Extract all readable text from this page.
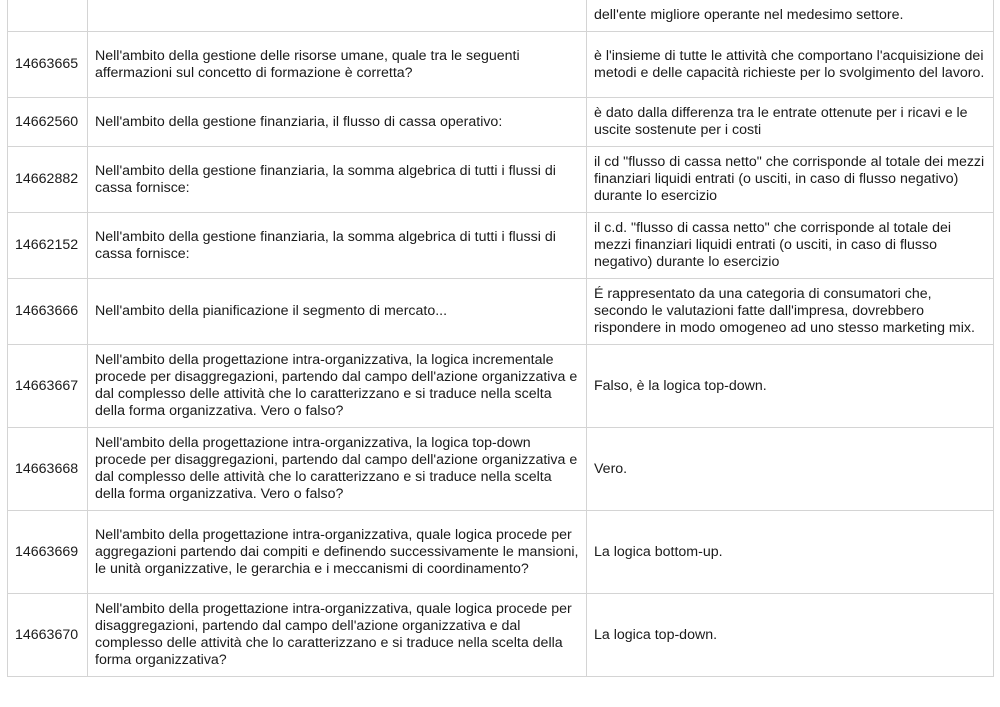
		dell'ente migliore operante nel medesimo settore.
14663665	Nell'ambito della gestione delle risorse umane, quale tra le seguenti affermazioni sul concetto di formazione è corretta?	è l'insieme di tutte le attività che comportano l'acquisizione dei metodi e delle capacità richieste per lo svolgimento del lavoro.
14662560	Nell'ambito della gestione finanziaria, il flusso di cassa operativo:	è dato dalla differenza tra le entrate ottenute per i ricavi e le uscite sostenute per i costi
14662882	Nell'ambito della gestione finanziaria, la somma algebrica di tutti i flussi di cassa fornisce:	il cd "flusso di cassa netto" che corrisponde al totale dei mezzi finanziari liquidi entrati (o usciti, in caso di flusso negativo) durante lo esercizio
14662152	Nell'ambito della gestione finanziaria, la somma algebrica di tutti i flussi di cassa fornisce:	il c.d. "flusso di cassa netto" che corrisponde al totale dei mezzi finanziari liquidi entrati (o usciti, in caso di flusso negativo) durante lo esercizio
14663666	Nell'ambito della pianificazione il segmento di mercato...	É rappresentato da una categoria di consumatori che, secondo le valutazioni fatte dall'impresa, dovrebbero rispondere in modo omogeneo ad uno stesso marketing mix.
14663667	Nell'ambito della progettazione intra-organizzativa, la logica incrementale procede per disaggregazioni, partendo dal campo dell'azione organizzativa e dal complesso delle attività che lo caratterizzano e si traduce nella scelta della forma organizzativa. Vero o falso?	Falso, è la logica top-down.
14663668	Nell'ambito della progettazione intra-organizzativa, la logica top-down procede per disaggregazioni, partendo dal campo dell'azione organizzativa e dal complesso delle attività che lo caratterizzano e si traduce nella scelta della forma organizzativa. Vero o falso?	Vero.
14663669	Nell'ambito della progettazione intra-organizzativa, quale logica procede per aggregazioni partendo dai compiti e definendo successivamente le mansioni, le unità organizzative, le gerarchia e i meccanismi di coordinamento?	La logica bottom-up.
14663670	Nell'ambito della progettazione intra-organizzativa, quale logica procede per disaggregazioni, partendo dal campo dell'azione organizzativa e dal complesso delle attività che lo caratterizzano e si traduce nella scelta della forma organizzativa?	La logica top-down.
